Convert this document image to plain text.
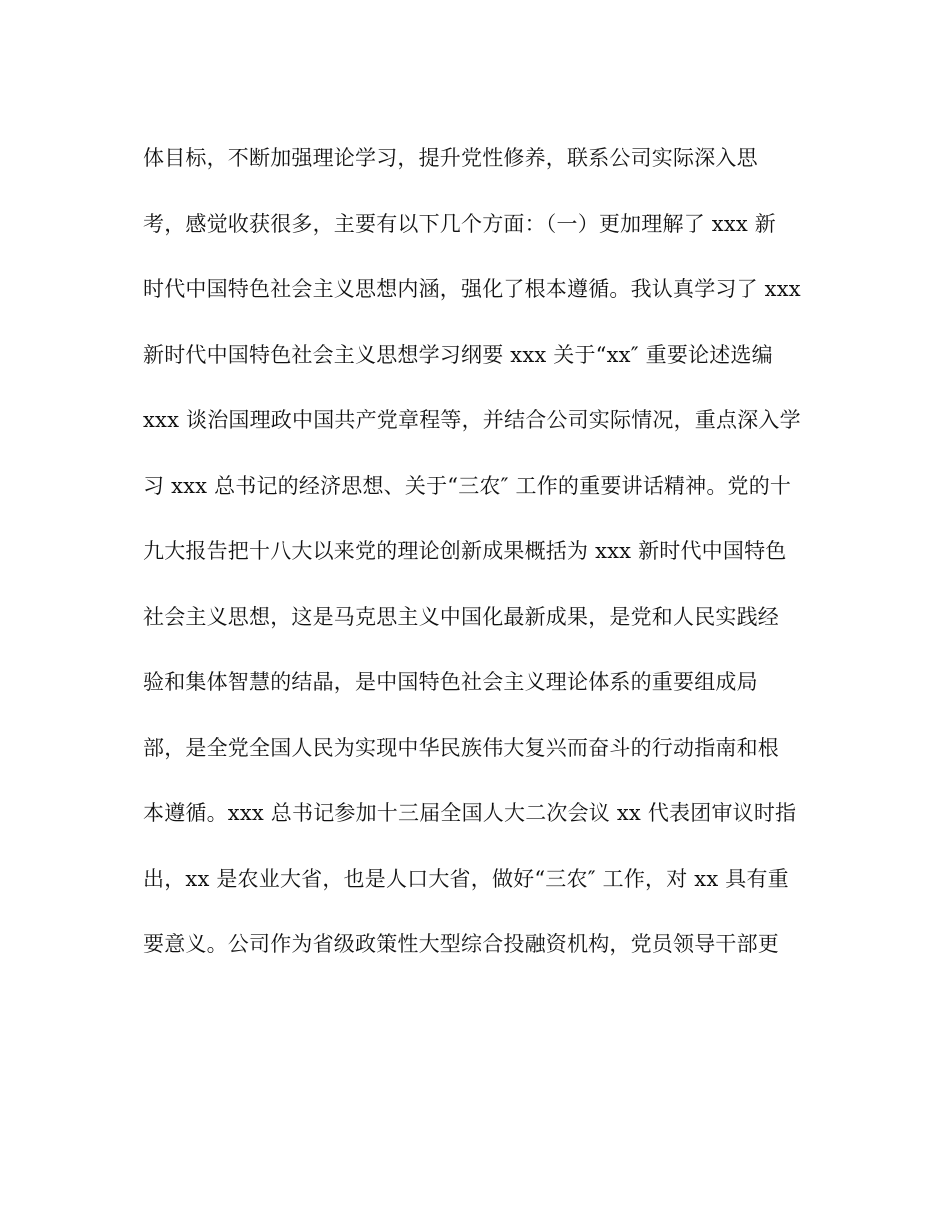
体目标，不断加强理论学习，提升党性修养，联系公司实际深入思
考，感觉收获很多，主要有以下几个方面：（一）更加理解了 xxx 新
时代中国特色社会主义思想内涵，强化了根本遵循。我认真学习了 xxx
新时代中国特色社会主义思想学习纲要 xxx 关于“xx″ 重要论述选编
xxx 谈治国理政中国共产党章程等，并结合公司实际情况，重点深入学
习 xxx 总书记的经济思想、关于“三农″ 工作的重要讲话精神。党的十
九大报告把十八大以来党的理论创新成果概括为 xxx 新时代中国特色
社会主义思想，这是马克思主义中国化最新成果，是党和人民实践经
验和集体智慧的结晶，是中国特色社会主义理论体系的重要组成局
部，是全党全国人民为实现中华民族伟大复兴而奋斗的行动指南和根
本遵循。xxx 总书记参加十三届全国人大二次会议 xx 代表团审议时指
出，xx 是农业大省，也是人口大省，做好“三农″ 工作，对 xx 具有重
要意义。公司作为省级政策性大型综合投融资机构，党员领导干部更
